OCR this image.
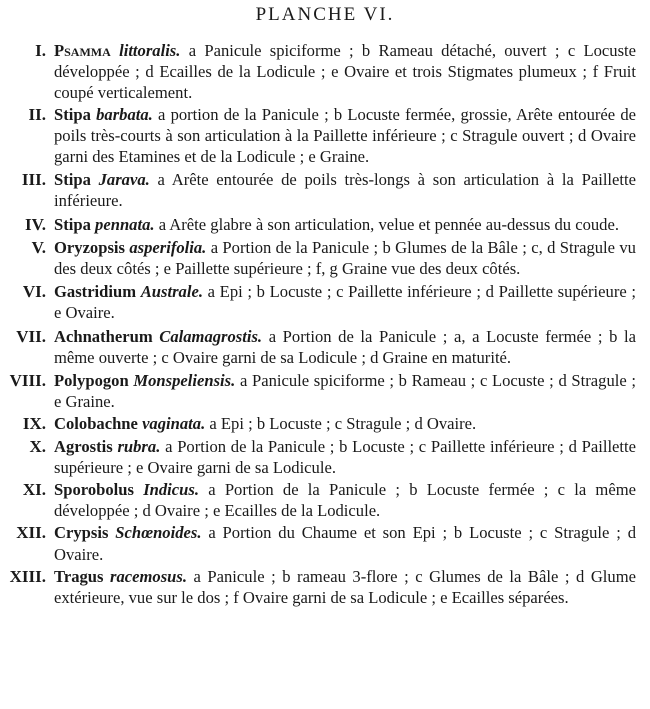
PLANCHE VI.
I. Psamma littoralis. a Panicule spiciforme ; b Rameau détaché, ouvert ; c Locuste développée ; d Ecailles de la Lodicule ; e Ovaire et trois Stigmates plumeux ; f Fruit coupé verticalement.
II. Stipa barbata. a portion de la Panicule ; b Locuste fermée, grossie, Arête entourée de poils très-courts à son articulation à la Paillette inférieure ; c Stragule ouvert ; d Ovaire garni des Etamines et de la Lodicule ; e Graine.
III. Stipa Jarava. a Arête entourée de poils très-longs à son articulation à la Paillette inférieure.
IV. Stipa pennata. a Arête glabre à son articulation, velue et pennée au-dessus du coude.
V. Oryzopsis asperifolia. a Portion de la Panicule ; b Glumes de la Bâle ; c, d Stragule vu des deux côtés ; e Paillette supérieure ; f, g Graine vue des deux côtés.
VI. Gastridium Australe. a Epi ; b Locuste ; c Paillette inférieure ; d Paillette supérieure ; e Ovaire.
VII. Achnatherum Calamagrostis. a Portion de la Panicule ; a, a Locuste fermée ; b la même ouverte ; c Ovaire garni de sa Lodicule ; d Graine en maturité.
VIII. Polypogon Monspeliensis. a Panicule spiciforme ; b Rameau ; c Locuste ; d Stragule ; e Graine.
IX. Colobachne vaginata. a Epi ; b Locuste ; c Stragule ; d Ovaire.
X. Agrostis rubra. a Portion de la Panicule ; b Locuste ; c Paillette inférieure ; d Paillette supérieure ; e Ovaire garni de sa Lodicule.
XI. Sporobolus Indicus. a Portion de la Panicule ; b Locuste fermée ; c la même développée ; d Ovaire ; e Ecailles de la Lodicule.
XII. Crypsis Schœnoides. a Portion du Chaume et son Epi ; b Locuste ; c Stragule ; d Ovaire.
XIII. Tragus racemosus. a Panicule ; b rameau 3-flore ; c Glumes de la Bâle ; d Glume extérieure, vue sur le dos ; f Ovaire garni de sa Lodicule ; e Ecailles séparées.
